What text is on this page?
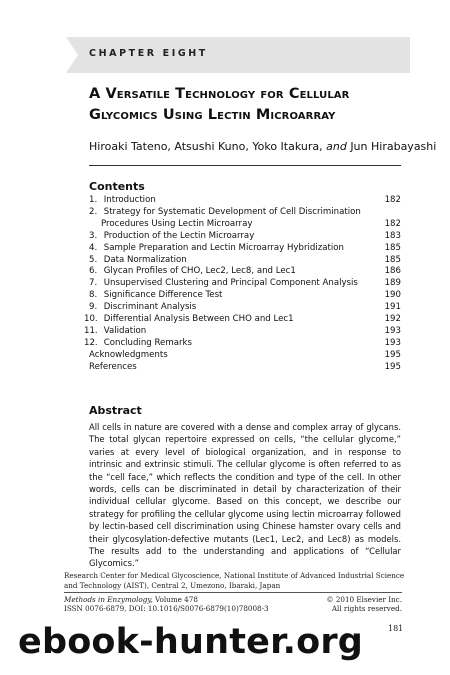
CHAPTER EIGHT
A Versatile Technology for Cellular
Glycomics Using Lectin Microarray
Hiroaki Tateno, Atsushi Kuno, Yoko Itakura, and Jun Hirabayashi
Contents
1. Introduction	182
2. Strategy for Systematic Development of Cell Discrimination
Procedures Using Lectin Microarray	182
3. Production of the Lectin Microarray	183
4. Sample Preparation and Lectin Microarray Hybridization	185
5. Data Normalization	185
6. Glycan Profiles of CHO, Lec2, Lec8, and Lec1	186
7. Unsupervised Clustering and Principal Component Analysis	189
8. Significance Difference Test	190
9. Discriminant Analysis	191
10. Differential Analysis Between CHO and Lec1	192
11. Validation	193
12. Concluding Remarks	193
Acknowledgments	195
References	195
Abstract
All cells in nature are covered with a dense and complex array of glycans. The total glycan repertoire expressed on cells, “the cellular glycome,” varies at every level of biological organization, and in response to intrinsic and extrinsic stimuli. The cellular glycome is often referred to as the “cell face,” which reflects the condition and type of the cell. In other words, cells can be discriminated in detail by characterization of their individual cellular glycome. Based on this concept, we describe our strategy for profiling the cellular glycome using lectin microarray followed by lectin-based cell discrimination using Chinese hamster ovary cells and their glycosylation-defective mutants (Lec1, Lec2, and Lec8) as models. The results add to the understanding and applications of “Cellular Glycomics.”
Research Center for Medical Glycoscience, National Institute of Advanced Industrial Science and Technology (AIST), Central 2, Umezono, Ibaraki, Japan
Methods in Enzymology, Volume 478	© 2010 Elsevier Inc.
ISSN 0076-6879, DOI: 10.1016/S0076-6879(10)78008-3	All rights reserved.
181
ebook-hunter.org
